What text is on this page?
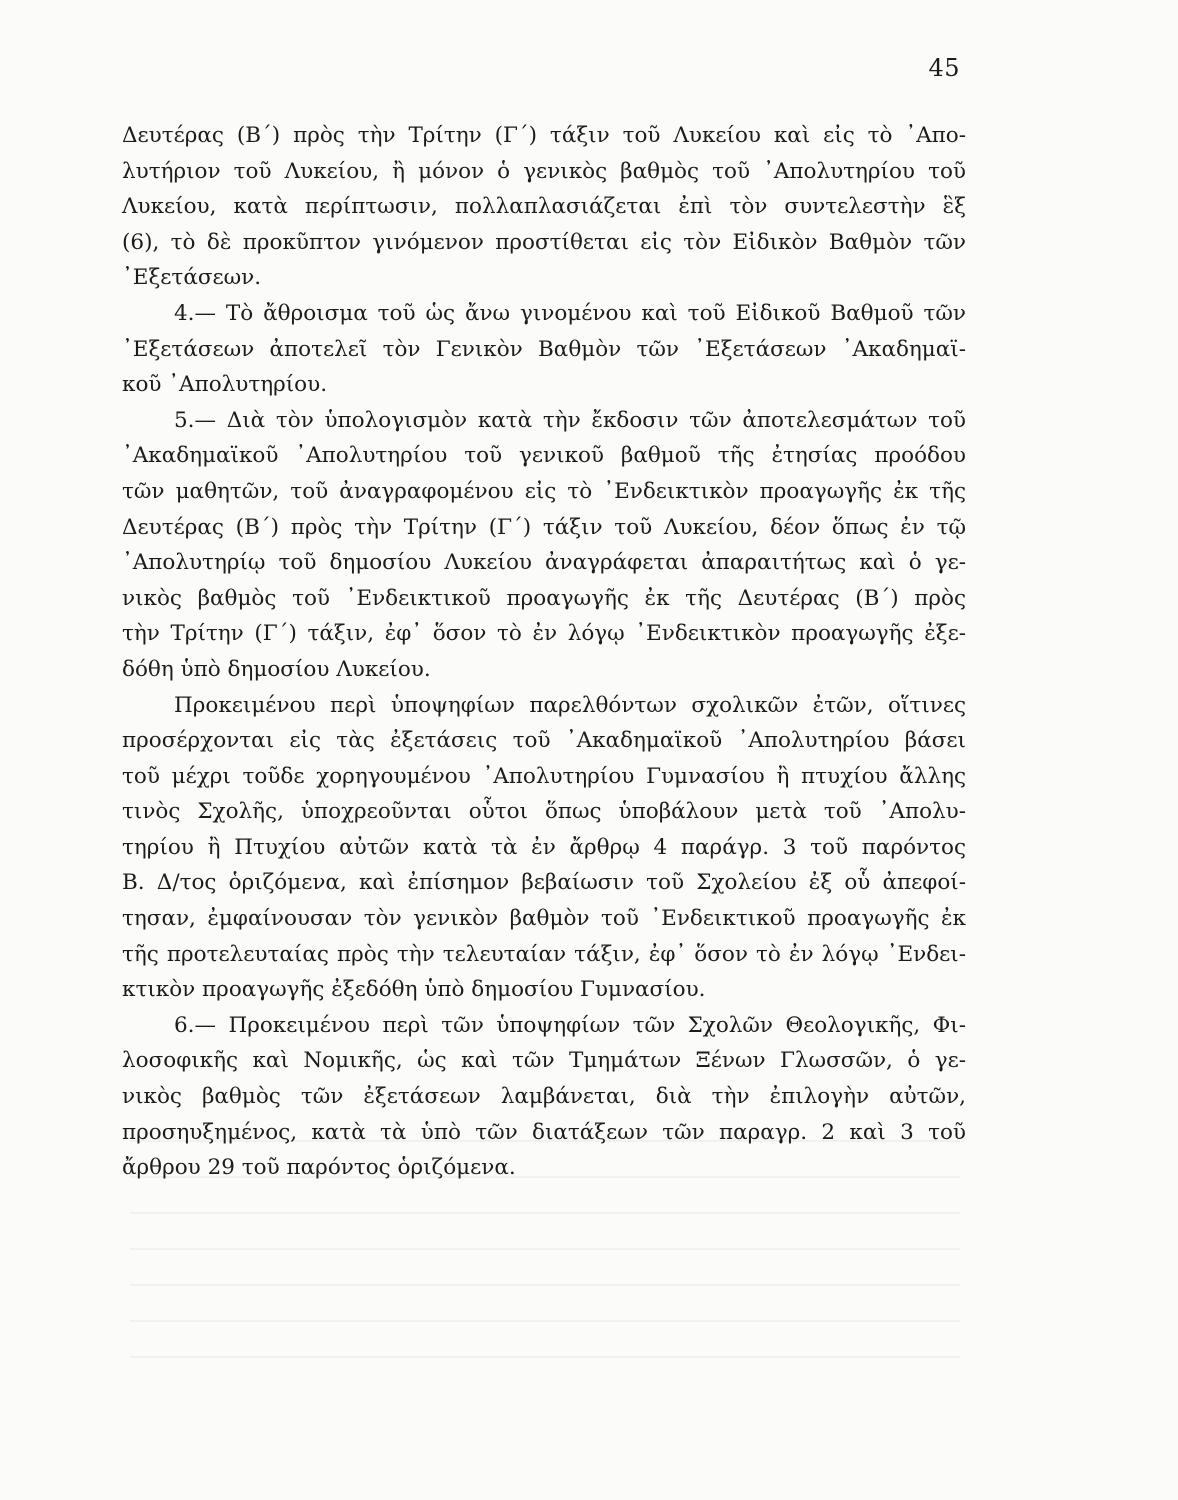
45
Δευτέρας (Β΄) πρὸς τὴν Τρίτην (Γ΄) τάξιν τοῦ Λυκείου καὶ εἰς τὸ ᾿Απο-
λυτήριον τοῦ Λυκείου, ἢ μόνον ὁ γενικὸς βαθμὸς τοῦ ᾿Απολυτηρίου τοῦ
Λυκείου, κατὰ περίπτωσιν, πολλαπλασιάζεται ἐπὶ τὸν συντελεστὴν ἓξ
(6), τὸ δὲ προκῦπτον γινόμενον προστίθεται εἰς τὸν Εἰδικὸν Βαθμὸν τῶν
᾿Εξετάσεων.
4.— Τὸ ἄθροισμα τοῦ ὡς ἄνω γινομένου καὶ τοῦ Εἰδικοῦ Βαθμοῦ τῶν
᾿Εξετάσεων ἀποτελεῖ τὸν Γενικὸν Βαθμὸν τῶν ᾿Εξετάσεων ᾿Ακαδημαϊ-
κοῦ ᾿Απολυτηρίου.
5.— Διὰ τὸν ὑπολογισμὸν κατὰ τὴν ἔκδοσιν τῶν ἀποτελεσμάτων τοῦ
᾿Ακαδημαϊκοῦ ᾿Απολυτηρίου τοῦ γενικοῦ βαθμοῦ τῆς ἐτησίας προόδου
τῶν μαθητῶν, τοῦ ἀναγραφομένου εἰς τὸ ᾿Ενδεικτικὸν προαγωγῆς ἐκ τῆς
Δευτέρας (Β΄) πρὸς τὴν Τρίτην (Γ΄) τάξιν τοῦ Λυκείου, δέον ὅπως ἐν τῷ
᾿Απολυτηρίῳ τοῦ δημοσίου Λυκείου ἀναγράφεται ἀπαραιτήτως καὶ ὁ γε-
νικὸς βαθμὸς τοῦ ᾿Ενδεικτικοῦ προαγωγῆς ἐκ τῆς Δευτέρας (Β΄) πρὸς
τὴν Τρίτην (Γ΄) τάξιν, ἐφ᾿ ὅσον τὸ ἐν λόγῳ ᾿Ενδεικτικὸν προαγωγῆς ἐξε-
δόθη ὑπὸ δημοσίου Λυκείου.
Προκειμένου περὶ ὑποψηφίων παρελθόντων σχολικῶν ἐτῶν, οἵτινες
προσέρχονται εἰς τὰς ἐξετάσεις τοῦ ᾿Ακαδημαϊκοῦ ᾿Απολυτηρίου βάσει
τοῦ μέχρι τοῦδε χορηγουμένου ᾿Απολυτηρίου Γυμνασίου ἢ πτυχίου ἄλλης
τινὸς Σχολῆς, ὑποχρεοῦνται οὗτοι ὅπως ὑποβάλουν μετὰ τοῦ ᾿Απολυ-
τηρίου ἢ Πτυχίου αὐτῶν κατὰ τὰ ἐν ἄρθρῳ 4 παράγρ. 3 τοῦ παρόντος
Β. Δ/τος ὁριζόμενα, καὶ ἐπίσημον βεβαίωσιν τοῦ Σχολείου ἐξ οὗ ἀπεφοί-
τησαν, ἐμφαίνουσαν τὸν γενικὸν βαθμὸν τοῦ ᾿Ενδεικτικοῦ προαγωγῆς ἐκ
τῆς προτελευταίας πρὸς τὴν τελευταίαν τάξιν, ἐφ᾿ ὅσον τὸ ἐν λόγῳ ᾿Ενδει-
κτικὸν προαγωγῆς ἐξεδόθη ὑπὸ δημοσίου Γυμνασίου.
6.— Προκειμένου περὶ τῶν ὑποψηφίων τῶν Σχολῶν Θεολογικῆς, Φι-
λοσοφικῆς καὶ Νομικῆς, ὡς καὶ τῶν Τμημάτων Ξένων Γλωσσῶν, ὁ γε-
νικὸς βαθμὸς τῶν ἐξετάσεων λαμβάνεται, διὰ τὴν ἐπιλογὴν αὐτῶν,
προσηυξημένος, κατὰ τὰ ὑπὸ τῶν διατάξεων τῶν παραγρ. 2 καὶ 3 τοῦ
ἄρθρου 29 τοῦ παρόντος ὁριζόμενα.
